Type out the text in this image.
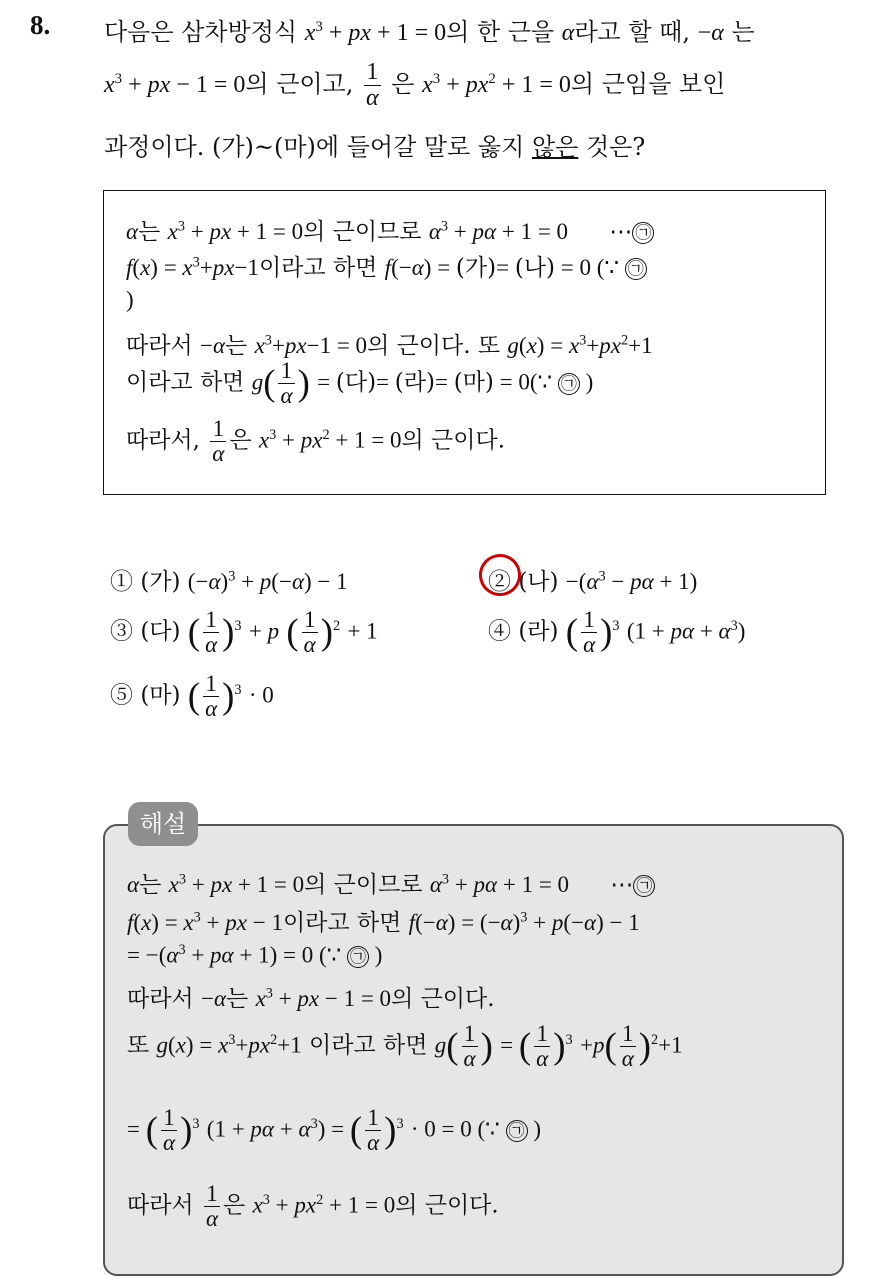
8. 다음은 삼차방정식 $x^3$ + px + 1 = 0의 한 근을 α라고 할 때, −α 는
$x^3$ + px − 1 = 0의 근이고, $\frac{1}{\alpha}$ 은 $x^3 + px^2 + 1 = 0$의 근임을 보인
과정이다. (가)~(마)에 들어갈 말로 옳지 않은 것은?
α는 $x^3$ + px + 1 = 0의 근이므로 $\alpha^3 + p\alpha + 1 = 0$ ⋯ ㉠
$f(x) = x^3+px-1$이라고 하면 f(−α) = (가)= (나) = 0 (∵ ㉠
)
따라서 −α는 $x^3+px-1 = 0$의 근이다. 또 $g(x) = x^3+px^2+1$
이라고 하면 $g( \frac{1}{\alpha}$ ) = (다)= (라)= (마) = 0(∵ ㉠ )
따라서, $\frac{1}{\alpha}$ 은 $x^3 + px^2 + 1 = 0$의 근이다.
① (가) $(-\alpha)^3 + p(-\alpha) - 1$	② (나) $-(\alpha^3 - p\alpha + 1)$
③ (다) ( $\frac{1}{\alpha} )^3 + p$ ( $\frac{1}{\alpha} )^2 + 1$	④ (라) ( $\frac{1}{\alpha} )^3$ $(1 + p\alpha + \alpha^3)$
⑤ (마) ( $\frac{1}{\alpha} )^3 \cdot 0$
α는 $x^3$ + px + 1 = 0의 근이므로 $\alpha^3 + p\alpha + 1 = 0$ ⋯ ㉠
$f(x) = x^3$ + px − 1이라고 하면 $f(-\alpha) = (-\alpha)^3 + p(-\alpha) - 1$
= $-(\alpha^3 + p\alpha + 1) = 0$ (∵ ㉠ )
따라서 −α는 $x^3$ + px − 1 = 0의 근이다.
또 $g(x) = x^3+px^2+1$ 이라고 하면 $g( \frac{1}{\alpha}$ ) = ( $\frac{1}{\alpha} )^3 +p( \frac{1}{\alpha} )^2+1$
= ( $\frac{1}{\alpha} )^3$ $(1 + p\alpha + \alpha^3)$ = ( $\frac{1}{\alpha} )^3 \cdot 0 = 0$ (∵ ㉠ )
따라서 $\frac{1}{\alpha}$ 은 $x^3 + px^2 + 1 = 0$의 근이다.
해설
